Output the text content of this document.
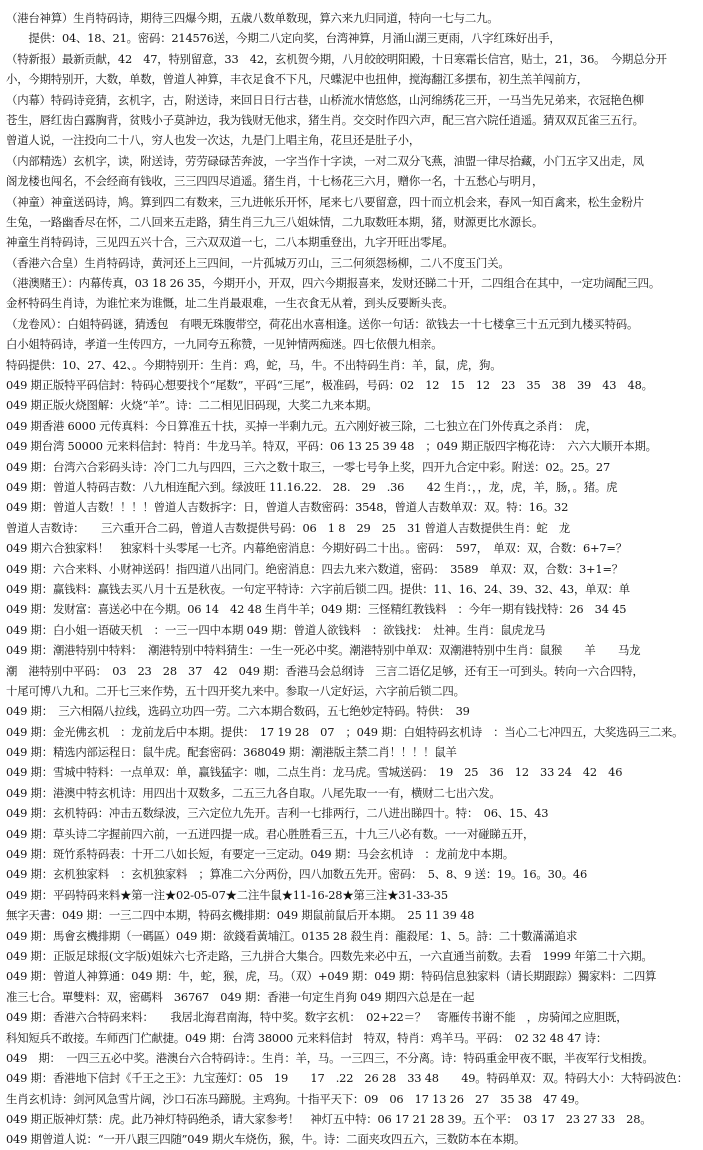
（港台神算）生肖特码诗，期待三四爆今期，五歳八数单数现，算六来九归同道，特向一七与二九。
　　提供：04、18、21。密码：214576送，今期二八定向奖，台湾神算，月涌山湖三更雨，八字红珠好出手，
（特新报）最新贡献，42　47，特别留意，33　42，玄机贺今期，八月皎皎明阳殿，十日寒霜长信宫，贴士，21，36。　今期总分开
小，今期特别开，大数，单数，曾道人神算，丰衣足食不下凡，尺蝶泥中也扭伸，搅海翻江多摆布，初生羔羊闯前方，
（内幕）特码诗竞猜，玄机字，古，附送诗，来回日日行古巷，山桥流水情悠悠，山河绵绣花三开，一马当先兄弟来，衣冠艳色柳
苍生，唇红齿白露胸背，贫贱小子莫訲边，我为钱财无他求，猪生肖。交交时作四六声，配三宫六院任逍遥。猜双双瓦雀三五行。
曾道人说，一注投向二十八，穷人也发一次达，九是门上唱主角，花旦还是肚子小，
（内部精选）玄机字，读，附送诗，劳劳碌碌苦奔波，一字当作十字读，一对二双分飞燕，油盟一律尽拾藏，小门五字又出走，凤
阁龙楼也闯名，不会经商有钱收，三三四四尽逍遥。猪生肖，十七杨花三六月，赠你一名，十五愁心与明月，
（神童）神童送码诗，鸠。算到四二有数来，三九进帐乐开怀，尾来七八要留意，四十而立机会来，春风一知百禽来，松生金粉片
生兔，一路幽香尽在怀，二八回来五走路，猜生肖三九三八姐妹情，二九取数旺本期，猪，财源更比水源长。
神童生肖特码诗，三见四五兴十合，三六双双道一七，二八本期重登出，九字开旺出零尾。
（香港六合皇）生肖特码诗，黄河还上三四间，一片孤城万刃山，三二何须怨杨柳，二八不度玉门关。
（港澳赌王）：内幕传真，03 18 26 35，今期开小，开双，四六今期报喜来，发财还睇二十开，二四组合在其中，一定功阔配三四。
金杯特码生肖诗，为谁忙来为谁慨，址二生肖最艰难，一生衣食无从着，到头反要断头丧。
（龙卷风）：白姐特码谜，猜透包　有喂无珠腹带空，荷花出水喜相逢。送你一句话：欲钱去一十七楼拿三十五元到九楼买特码。
白小姐特码诗，孝道一生传四方，一九同夸五称赞，一见钟情两痴迷。四七依偎九相亲。
特码提供：10、27、42、。今期特别开：生肖：鸡，蛇，马，牛。不出特码生肖：羊，鼠，虎，狗。
049 期正版特平码信封：特码心想要找个“尾数”，平码“三尾”，极准码，号码：02　12　15　12　23　35　38　39　43　48。
049 期正版火烧图解：火烧“羊”。诗：二二相见旧码现，大奖二九来本期。
049 期香港 6000 元传真料：今日算准五十扶，买掉一半剩九元。五六刚好被三除，二七独立在门外传真之杀肖：　虎，
049 期台湾 50000 元来料信封：特肖：牛龙马羊。特双，平码：06 13 25 39 48　；049 期正版四字梅花诗：　六六大顺开本期。
049 期：台湾六合彩码头诗：冷门二九与四四，三六之数十取三，一零七号争上奖，四开九合定中彩。附送：02。25。27
049 期：曾道人特码吉数：八九相连配六到。绿波旺 11.16.22.　28.　29　.36　　42 生肖：，，龙，虎，羊，肠，。猪。虎
049 期：曾道人吉数！！！！曾道人吉数拆字：日，曾道人吉数密码：3548，曾道人吉数单双：双。特：16。32
曾道人吉数诗：　　三六重开合二码，曾道人吉数提供号码：06　1 8　29　25　31 曾道人吉数提供生肖：蛇　龙
049 期六合独家料！　独家料十头零尾一七齐。内幕绝密消息：今期好码二十出。。密码：　597，　单双：双，合数：6+7=？
049 期：六合来料、小财神送码！指四道八出同门。绝密消息：四去九来六数道，密码：　3589　单双：双，合数：3+1=？
049 期：赢钱料：赢钱去买八月十五是秋夜。一句定平特诗：六字前后锁二四。提供：11、16、24、39、32、43，单双：单
049 期：发财富：喜送必中在今期。06 14　42 48 生肖牛羊；049 期：三怪精红教钱料　：今年一期有钱找特：26　34 45
049 期：白小姐一语破天机　：一三一四中本期 049 期：曾道人欲钱料　：欲钱找：　灶神。生肖：鼠虎龙马
049 期：潮港特别中特料：　潮港特别中特料猜生：一生一死必中奖。潮港特别中单双：双潮港特别中生肖：鼠猴　　羊　　马龙
潮　港特别中平码：　03　23　28　37　42　049 期：香港马会总纲诗　三言二语亿足够，还有王一可到头。转向一六合四特，
十尾可博八九和。二开七三来作势，五十四开奖九来中。参取一八定好运，六字前后锁二四。
049 期：　三六相隔八拉线，选码立功四一劳。二六本期合数码，五七绝妙定特码。特供：　39
049 期：金光佛玄机　：龙前龙后中本期。提供：　17 19 28　07　；049 期：白姐特码玄机诗　：当心二七冲四五，大奖选码三二来。
049 期：精选内部运程日：鼠牛虎。配套密码：368049 期：潮港版主禁二肖！！！！鼠羊
049 期：雪城中特料：一点单双：单，赢钱猛字：咖，二点生肖：龙马虎。雪城送码：　19　25　36　12　33 24　42　46
049 期：港澳中特玄机诗：用四出十双数多，二五三九各自取。八尾先取一一有，横财二七出六发。
049 期：玄机特码：冲击五数绿波，三六定位九先开。吉利一七排两行，二八进出睇四十。特：　06、15、43
049 期：草头诗二字握前四六前，一五迸四提一成。君心胜胜看三五，十九三八必有数。一一对碰睇五开，
049 期：斑竹系特码表：十开二八如长短，有要定一三定动。049 期：马会玄机诗　：龙前龙中本期。
049 期：玄机独家料　：玄机独家料　；算准二六分两份，四八加数五先开。密码：　5、8、9 送：19。16。30。46
049 期：平码特码来料★第一注★02-05-07★二注牛鼠★11-16-28★第三注★31-33-35
無字天書：049 期：一三二四中本期，特码玄機排期：049 期鼠前鼠后开本期。　25 11 39 48
049 期：馬會玄機排期（一碼區）049 期：欲錢看黃埔江。0135 28 殺生肖：龍殺尾：1、5。詩：二十數滿滿追求
049 期：正版足球报(文字版)姐妹六七齐走路，三九拼合大集合。四数先来必中五，一六直通当前数。去看　1999 年第二十六期。
049 期：曾道人神算通：049 期：牛，蛇，猴，虎，马。（双）+049 期：049 期：特码信息独家料（请长期跟踪）獨家料：二四算
准三七合。單雙料：双，密碼料　36767　049 期：香港一句定生肖狗 049 期四六总是在一起
049 期：香港六合特码来料：　　我居北海君南海，特中奖。数字玄机：　02+22＝？　寄雁传书谢不能　，房骑闻之应胆既，
科知短兵不敢接。车师西门伫献捷。049 期：台湾 38000 元来料信封　特双，特肖：鸡羊马。平码：　02 32 48 47 诗：
049　期：　一四三五必中奖。港澳台六合特码诗：。生肖：羊，马。一三四三，不分离。诗：特码重金甲夜不眠，半夜军行戈相拨。
049 期：香港地下信封《千王之王》：九宝莲灯：05　19　　17　.22　26 28　33 48　　49。特码单双：双。特码大小：大特码波色：
生肖玄机诗：剑河风急雪片阔，沙口石冻马蹄脱。主鸡狗。十指平天下：09　06　17 13 26　27　35 38　47 49。
049 期正版神灯禁：虎。此乃神灯特码绝杀，请大家参考！　神灯五中特：06 17 21 28 39。五个平：　03 17　23 27 33　28。
049 期曾道人说：“一开八跟三四随”049 期火车烧伤，猴，牛。诗：二面夹攻四五六，三数防本在本期。
